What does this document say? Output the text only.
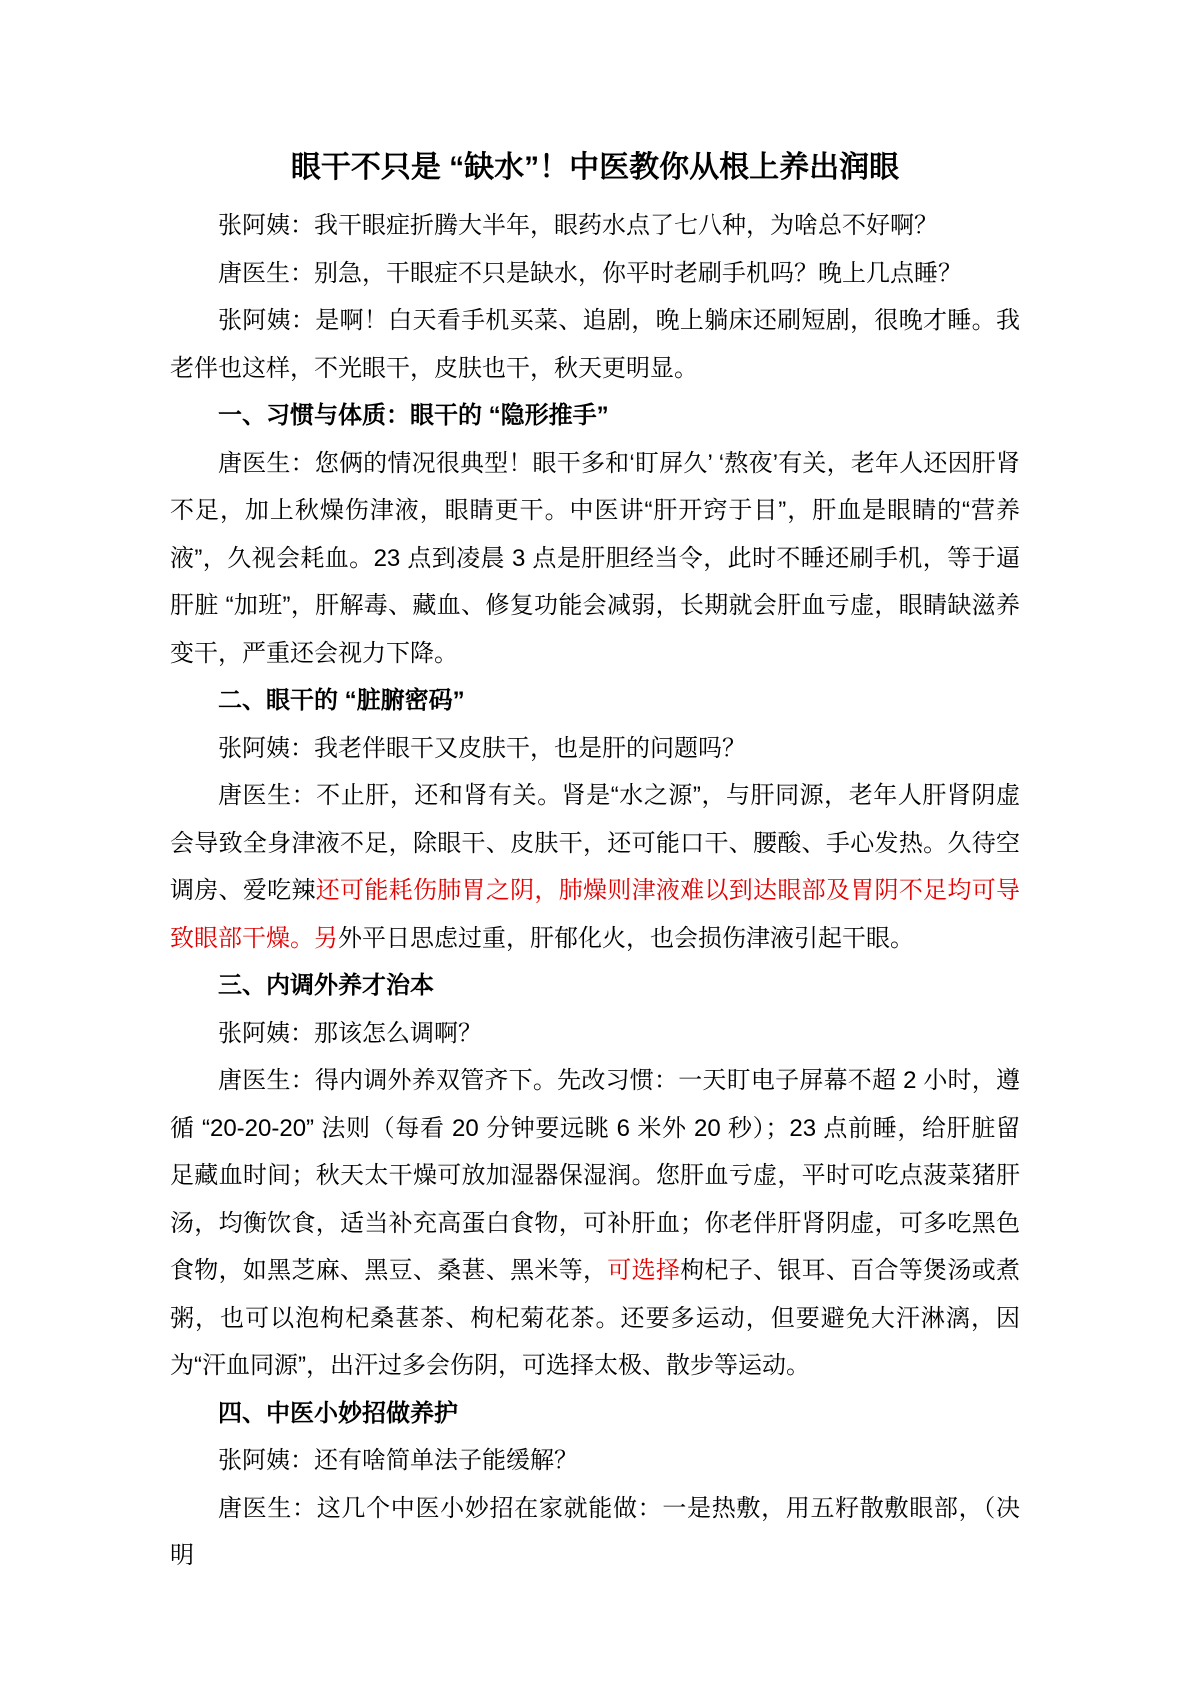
眼干不只是 “缺水”！中医教你从根上养出润眼

张阿姨：我干眼症折腾大半年，眼药水点了七八种，为啥总不好啊？

唐医生：别急，干眼症不只是缺水，你平时老刷手机吗？晚上几点睡？

张阿姨：是啊！白天看手机买菜、追剧，晚上躺床还刷短剧，很晚才睡。我老伴也这样，不光眼干，皮肤也干，秋天更明显。

一、习惯与体质：眼干的 “隐形推手”

唐医生：您俩的情况很典型！眼干多和‘盯屏久’ ‘熬夜’有关，老年人还因肝肾不足，加上秋燥伤津液，眼睛更干。中医讲“肝开窍于目”，肝血是眼睛的“营养液”，久视会耗血。23 点到凌晨 3 点是肝胆经当令，此时不睡还刷手机，等于逼肝脏 “加班”，肝解毒、藏血、修复功能会减弱，长期就会肝血亏虚，眼睛缺滋养变干，严重还会视力下降。

二、眼干的 “脏腑密码”

张阿姨：我老伴眼干又皮肤干，也是肝的问题吗？

唐医生：不止肝，还和肾有关。肾是“水之源”，与肝同源，老年人肝肾阴虚会导致全身津液不足，除眼干、皮肤干，还可能口干、腰酸、手心发热。久待空调房、爱吃辣还可能耗伤肺胃之阴，肺燥则津液难以到达眼部及胃阴不足均可导致眼部干燥。另外平日思虑过重，肝郁化火，也会损伤津液引起干眼。

三、内调外养才治本

张阿姨：那该怎么调啊？

唐医生：得内调外养双管齐下。先改习惯：一天盯电子屏幕不超 2 小时，遵循 “20-20-20” 法则（每看 20 分钟要远眺 6 米外 20 秒）；23 点前睡，给肝脏留足藏血时间；秋天太干燥可放加湿器保湿润。您肝血亏虚，平时可吃点菠菜猪肝汤，均衡饮食，适当补充高蛋白食物，可补肝血；你老伴肝肾阴虚，可多吃黑色食物，如黑芝麻、黑豆、桑葚、黑米等，可选择枸杞子、银耳、百合等煲汤或煮粥，也可以泡枸杞桑葚茶、枸杞菊花茶。还要多运动，但要避免大汗淋漓，因为“汗血同源”，出汗过多会伤阴，可选择太极、散步等运动。

四、中医小妙招做养护

张阿姨：还有啥简单法子能缓解？

唐医生：这几个中医小妙招在家就能做：一是热敷，用五籽散敷眼部，（决明
